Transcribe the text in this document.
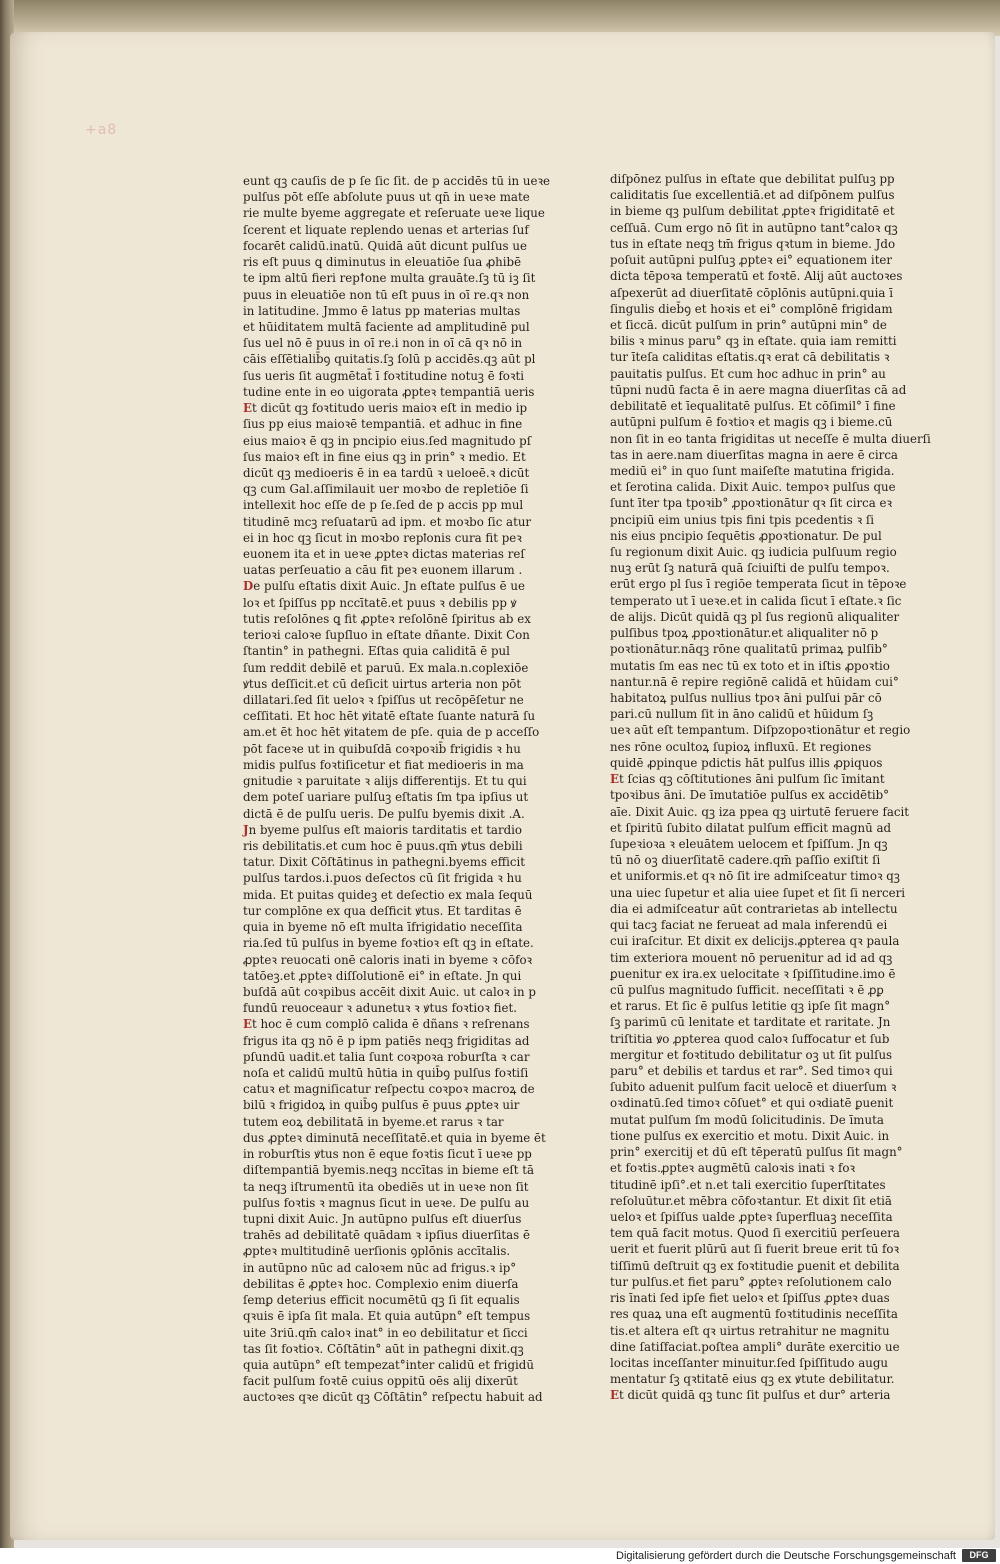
+a8
eunt qꝫ cauſis de p ſe ſic ſit. de p accidēs tū in ueꝛe
pulſus pōt eſſe abſolute puus ut qn̄ in ueꝛe mate
rie multe byeme aggregate et reſeruate ueꝛe lique
ſcerent et liquate replendo uenas et arterias ſuf
focarēt calidū.inatū. Quidā aūt dicunt pulſus ue
ris eſt puus ꝗ diminutus in eleuatiōe ſua ꝓhibē
te ipm altū fieri repꝉone multa grauāte.ſꝫ tū iꝫ ſit
puus in eleuatiōe non tū eſt puus in oī re.qꝛ non
in latitudine. Jmmo ē latus pp materias multas
et hūiditatem multā faciente ad amplitudinē pul
ſus uel nō ē puus in oī re.i non in oī cā qꝛ nō in
cāis eſſētialib̄ꝯ quitatis.ſꝫ ſolū p accidēs.qꝫ aūt pl
ſus ueris ſit augmētat̄ ī foꝛtitudine notuꝫ ē foꝛti
tudine ente in eo uigorata ꝓpteꝛ tempantiā ueris
Et dicūt qꝫ foꝛtitudo ueris maioꝛ eſt in medio ip
ſius pp eius maioꝛē tempantiā. et adhuc in fine
eius maioꝛ ē qꝫ in pncipio eius.ſed magnitudo pſ
ſus maioꝛ eſt in fine eius qꝫ in prin° ꝛ medio. Et
dicūt qꝫ medioeris ē in ea tardū ꝛ ueloeē.ꝛ dicūt
qꝫ cum Gal.aſſimilauit uer moꝛbo de repletiōe ſi
intellexit hoc eſſe de p ſe.ſed de p accis pp mul
titudinē mcꝫ reſuatarū ad ipm. et moꝛbo ſic atur
ei in hoc qꝫ ſicut in moꝛbo repꝉonis cura fit peꝛ
euonem ita et in ueꝛe ꝓpteꝛ dictas materias reſ
uatas perſeuatio a cāu fit peꝛ euonem illarum .
De pulſu eſtatis dixit Auic. Jn eſtate pulſus ē ue
loꝛ et ſpiſſus pp nccītatē.et puus ꝛ debilis pp ꝟ
tutis reſolōnes ꝗ fit ꝓpteꝛ reſolōnē ſpiritus ab ex
terioꝛi caloꝛe ſupſluo in eſtate dñante. Dixit Con
ſtantin° in pathegni. Eſtas quia caliditā ē pul
ſum reddit debilē et paruū. Ex mala.n.coplexiōe
ꝟtus deſſicit.et cū deſicit uirtus arteria non pōt
dillatari.ſed ſit ueloꝛ ꝛ ſpiſſus ut recōpēſetur ne
ceſſitati. Et hoc hēt ꝟitatē eſtate ſuante naturā ſu
am.et ēt hoc hēt ꝟitatem de pſe. quia de p acceſſo
pōt faceꝛe ut in quibuſdā coꝛpoꝛib̄ frigidis ꝛ hu
midis pulſus foꝛtiſicetur et fiat medioeris in ma
gnitudie ꝛ paruitate ꝛ alijs differentijs. Et tu qui
dem poteſ uariare pulſuꝫ eſtatis ſm tpa ipſius ut
dictā ē de pulſu ueris. De pulſu byemis dixit .A.
Jn byeme pulſus eſt maioris tarditatis et tardio
ris debilitatis.et cum hoc ē puus.qm̄ ꝟtus debili
tatur. Dixit Cōſtātinus in pathegni.byems efficit
pulſus tardos.i.puos deſectos cū ſit frigida ꝛ hu
mida. Et puitas quideꝫ et deſectio ex mala ſequū
tur complōne ex qua deſficit ꝟtus. Et tarditas ē
quia in byeme nō eſt multa īfrigidatio neceſſita
ria.ſed tū pulſus in byeme foꝛtioꝛ eſt qꝫ in eſtate.
ꝓpteꝛ reuocati onē caloris inati in byeme ꝛ cōfoꝛ
tatōeꝫ.et ꝓpteꝛ diſſolutionē ei° in eſtate. Jn qui
buſdā aūt coꝛpibus accēit dixit Auic. ut caloꝛ in p
fundū reuoceaur ꝛ adunetuꝛ ꝛ ꝟtus foꝛtioꝛ fiet.
Et hoc ē cum complō calida ē dñans ꝛ reſrenans
frigus ita qꝫ nō ē p ipm patiēs neqꝫ frigiditas ad
pſundū uadit.et talia ſunt coꝛpoꝛa roburſta ꝛ car
noſa et calidū multū hūtia in quib̄ꝯ pulſus foꝛtiſi
catuꝛ et magniſicatur reſpectu coꝛpoꝛ macroꝝ de
bilū ꝛ frigidoꝝ in quib̄ꝯ pulſus ē puus ꝓpteꝛ uir
tutem eoꝝ debilitatā in byeme.et rarus ꝛ tar
dus ꝓpteꝛ diminutā neceſſitatē.et quia in byeme ēt
in roburſtis ꝟtus non ē eque foꝛtis ſicut ī ueꝛe pp
diſtempantiā byemis.neqꝫ nccītas in bieme eſt tā
ta neqꝫ iſtrumentū ita obediēs ut in ueꝛe non ſit
pulſus foꝛtis ꝛ magnus ſicut in ueꝛe. De pulſu au
tupni dixit Auic. Jn autūpno pulſus eſt diuerſus
trahēs ad debilitatē quādam ꝛ ipſius diuerſitas ē
ꝓpteꝛ multitudinē uerſionis ꝯplōnis accītalis.
in autūpno nūc ad caloꝛem nūc ad frigus.ꝛ ip°
debilitas ē ꝓpteꝛ hoc. Complexio enim diuerſa
ſemꝑ deterius efficit nocumētū qꝫ ſi ſit equalis
qꝛuis ē ipſa ſit mala. Et quia autūpn° eſt tempus
uite 3riū.qm̄ caloꝛ inat° in eo debilitatur et ſicci
tas ſit foꝛtioꝛ. Cōſtātin° aūt in pathegni dixit.qꝫ
quia autūpn° eſt tempezat°inter calidū et frigidū
facit pulſum foꝛtē cuius oppitū oēs alij dixerūt
auctoꝛes qꝛe dicūt qꝫ Cōſtātin° reſpectu habuit ad
diſpōnez pulſus in eſtate que debilitat pulſuꝫ pp
caliditatis ſue excellentiā.et ad diſpōnem pulſus
in bieme qꝫ pulſum debilitat ꝓpteꝛ frigiditatē et
ceſſuā. Cum ergo nō ſit in autūpno tant°caloꝛ qꝫ
tus in eſtate neqꝫ tm̄ frigus qꝛtum in bieme. Jdo
poſuit autūpni pulſuꝫ ꝓpteꝛ ei° equationem iter
dicta tēpoꝛa temperatū et foꝛtē. Alij aūt auctoꝛes
aſpexerūt ad diuerſitatē cōplōnis autūpni.quia ī
ſingulis dieb̄ꝯ et hoꝛis et ei° complōnē frigidam
et ſiccā. dicūt pulſum in prin° autūpni min° de
bilis ꝛ minus paru° qꝫ in eſtate. quia iam remitti
tur īteſa caliditas eſtatis.qꝛ erat cā debilitatis ꝛ
pauitatis pulſus. Et cum hoc adhuc in prin° au
tūpni nudū facta ē in aere magna diuerſitas cā ad
debilitatē et īequalitatē pulſus. Et cōſimil° ī fine
autūpni pulſum ē foꝛtioꝛ et magis qꝫ i bieme.cū
non ſit in eo tanta frigiditas ut neceſſe ē multa diuerſi
tas in aere.nam diuerſitas magna in aere ē circa
mediū ei° in quo ſunt maiſeſte matutina frigida.
et ſerotina calida. Dixit Auic. tempoꝛ pulſus que
ſunt īter tpa tpoꝛib° ꝓpoꝛtionātur qꝛ ſit circa eꝛ
pncipiū eim unius tpis fini tpis pcedentis ꝛ ſi
nis eius pncipio ſequētis ꝓpoꝛtionatur. De pul
ſu regionum dixit Auic. qꝫ iudicia pulſuum regio
nuꝫ erūt ſꝫ naturā quā ſciuiſti de pulſu tempoꝛ.
erūt ergo pl ſus ī regiōe temperata ſicut in tēpoꝛe
temperato ut ī ueꝛe.et in calida ſicut ī eſtate.ꝛ ſic
de alijs. Dicūt quidā qꝫ pl ſus regionū aliqualiter
pulſibus tpoꝝ ꝓpoꝛtionātur.et aliqualiter nō p
poꝛtionātur.nāqꝫ rōne qualitatū primaꝝ pulſib°
mutatis ſm eas nec tū ex toto et in iſtis ꝓpoꝛtio
nantur.nā ē repire regiōnē calidā et hūidam cui°
habitatoꝝ pulſus nullius tpoꝛ āni pulſui pār cō
pari.cū nullum ſit in āno calidū et hūidum ſꝫ
ueꝛ aūt eſt tempantum. Diſpzopoꝛtionātur et regio
nes rōne ocultoꝝ ſupioꝝ influxū. Et regiones
quidē ꝓpinque pdictis hāt pulſus illis ꝓpiquos
Et ſcias qꝫ cōſtitutiones āni pulſum ſic īmitant
tpoꝛibus āni. De īmutatiōe pulſus ex accidētib°
aīe. Dixit Auic. qꝫ iza ppea qꝫ uirtutē feruere facit
et ſpiritū ſubito dilatat pulſum efficit magnū ad
ſupeꝛioꝛa ꝛ eleuātem uelocem et ſpiſſum. Jn qꝫ
tū nō oꝫ diuerſitatē cadere.qm̄ paſſio exiſtit ſi
et uniformis.et qꝛ nō ſit ire admiſceatur timoꝛ qꝫ
una uiec ſupetur et alia uiee ſupet et ſit ſi nerceri
dia ei admiſceatur aūt contrarietas ab intellectu
qui tacꝫ faciat ne ferueat ad mala inferendū ei
cui iraſcitur. Et dixit ex delicijs.ꝓpterea qꝛ paula
tim exteriora mouent nō peruenitur ad id ad qꝫ
ꝑuenitur ex ira.ex uelocitate ꝛ ſpiſſitudine.imo ē
cū pulſus magnitudo ſufficit. neceſſitati ꝛ ē ꝓꝑ
et rarus. Et ſic ē pulſus letitie qꝫ ipſe ſit magn°
ſꝫ parimū cū lenitate et tarditate et raritate. Jn
triſtitia ꝟo ꝓpterea quod caloꝛ ſuffocatur et ſub
mergitur et foꝛtitudo debilitatur oꝫ ut ſit pulſus
paru° et debilis et tardus et rar°. Sed timoꝛ qui
ſubito aduenit pulſum facit uelocē et diuerſum ꝛ
oꝛdinatū.ſed timoꝛ cōſuet° et qui oꝛdiatē ꝑuenit
mutat pulſum ſm modū ſolicitudinis. De īmuta
tione pulſus ex exercitio et motu. Dixit Auic. in
prin° exercitij et dū eſt tēperatū pulſus ſit magn°
et foꝛtis.ꝓpteꝛ augmētū caloꝛis inati ꝛ foꝛ
titudinē ipſi°.et n.et tali exercitio ſuperſtitates
reſoluūtur.et mēbra cōfoꝛtantur. Et dixit ſit etiā
ueloꝛ et ſpiſſus ualde ꝓpteꝛ ſuperfluaꝫ neceſſita
tem quā facit motus. Quod ſi exercitiū perſeuera
uerit et fuerit plūrū aut ſi fuerit breue erit tū foꝛ
tiſſimū deſtruit qꝫ ex foꝛtitudie ꝑuenit et debilita
tur pulſus.et fiet paru° ꝓpteꝛ reſolutionem calo
ris īnati ſed ipſe fiet ueloꝛ et ſpiſſus ꝓpteꝛ duas
res quaꝝ una eſt augmentū foꝛtitudinis neceſſita
tis.et altera eſt qꝛ uirtus retrahitur ne magnitu
dine ſatiſfaciat.poſtea ampli° durāte exercitio ue
locitas inceſſanter minuitur.ſed ſpiſſitudo augu
mentatur ſꝫ qꝛtitatē eius qꝫ ex ꝟtute debilitatur.
Et dicūt quidā qꝫ tunc ſit pulſus et dur° arteria
Digitalisierung gefördert durch die Deutsche Forschungsgemeinschaft	DFG
